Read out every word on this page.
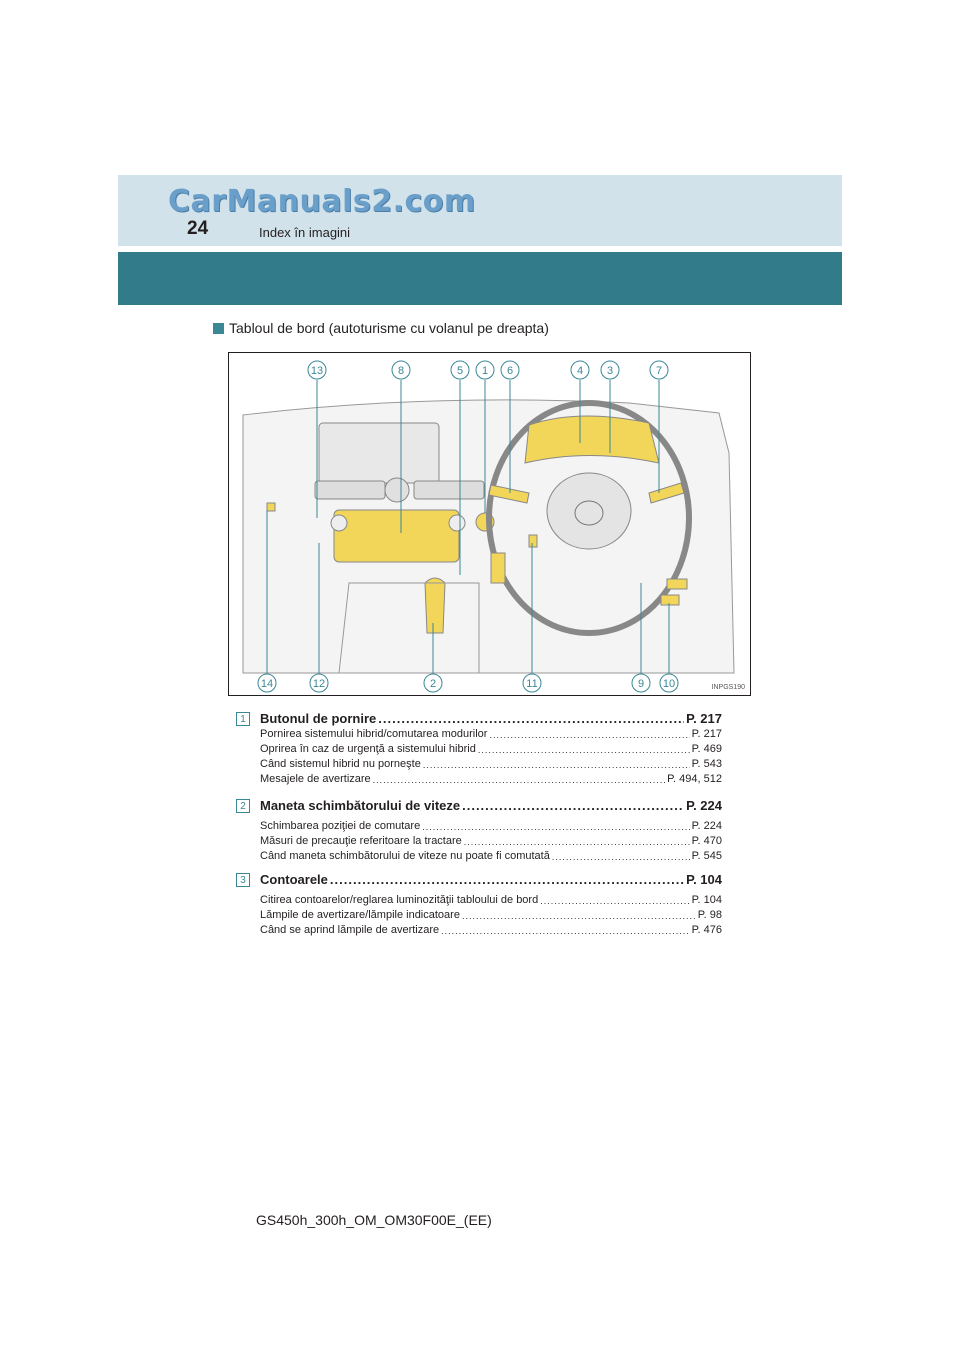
CarManuals2.com
24	Index în imagini
Tabloul de bord (autoturisme cu volanul pe dreapta)
13	8	5 1 6	4 3	7
14	12	2	11	9 10	INPGS190
1	Butonul de pornire .....	P. 217
Pornirea sistemului hibrid/comutarea modurilor .....	P. 217
Oprirea în caz de urgenţă a sistemului hibrid .....	P. 469
Când sistemul hibrid nu porneşte .....	P. 543
Mesajele de avertizare .....	P. 494, 512
2	Maneta schimbătorului de viteze .....	P. 224
Schimbarea poziţiei de comutare .....	P. 224
Măsuri de precauţie referitoare la tractare .....	P. 470
Când maneta schimbătorului de viteze nu poate fi comutată .....	P. 545
3	Contoarele .....	P. 104
Citirea contoarelor/reglarea luminozităţii tabloului de bord .....	P. 104
Lămpile de avertizare/lămpile indicatoare .....	P. 98
Când se aprind lămpile de avertizare .....	P. 476
GS450h_300h_OM_OM30F00E_(EE)
